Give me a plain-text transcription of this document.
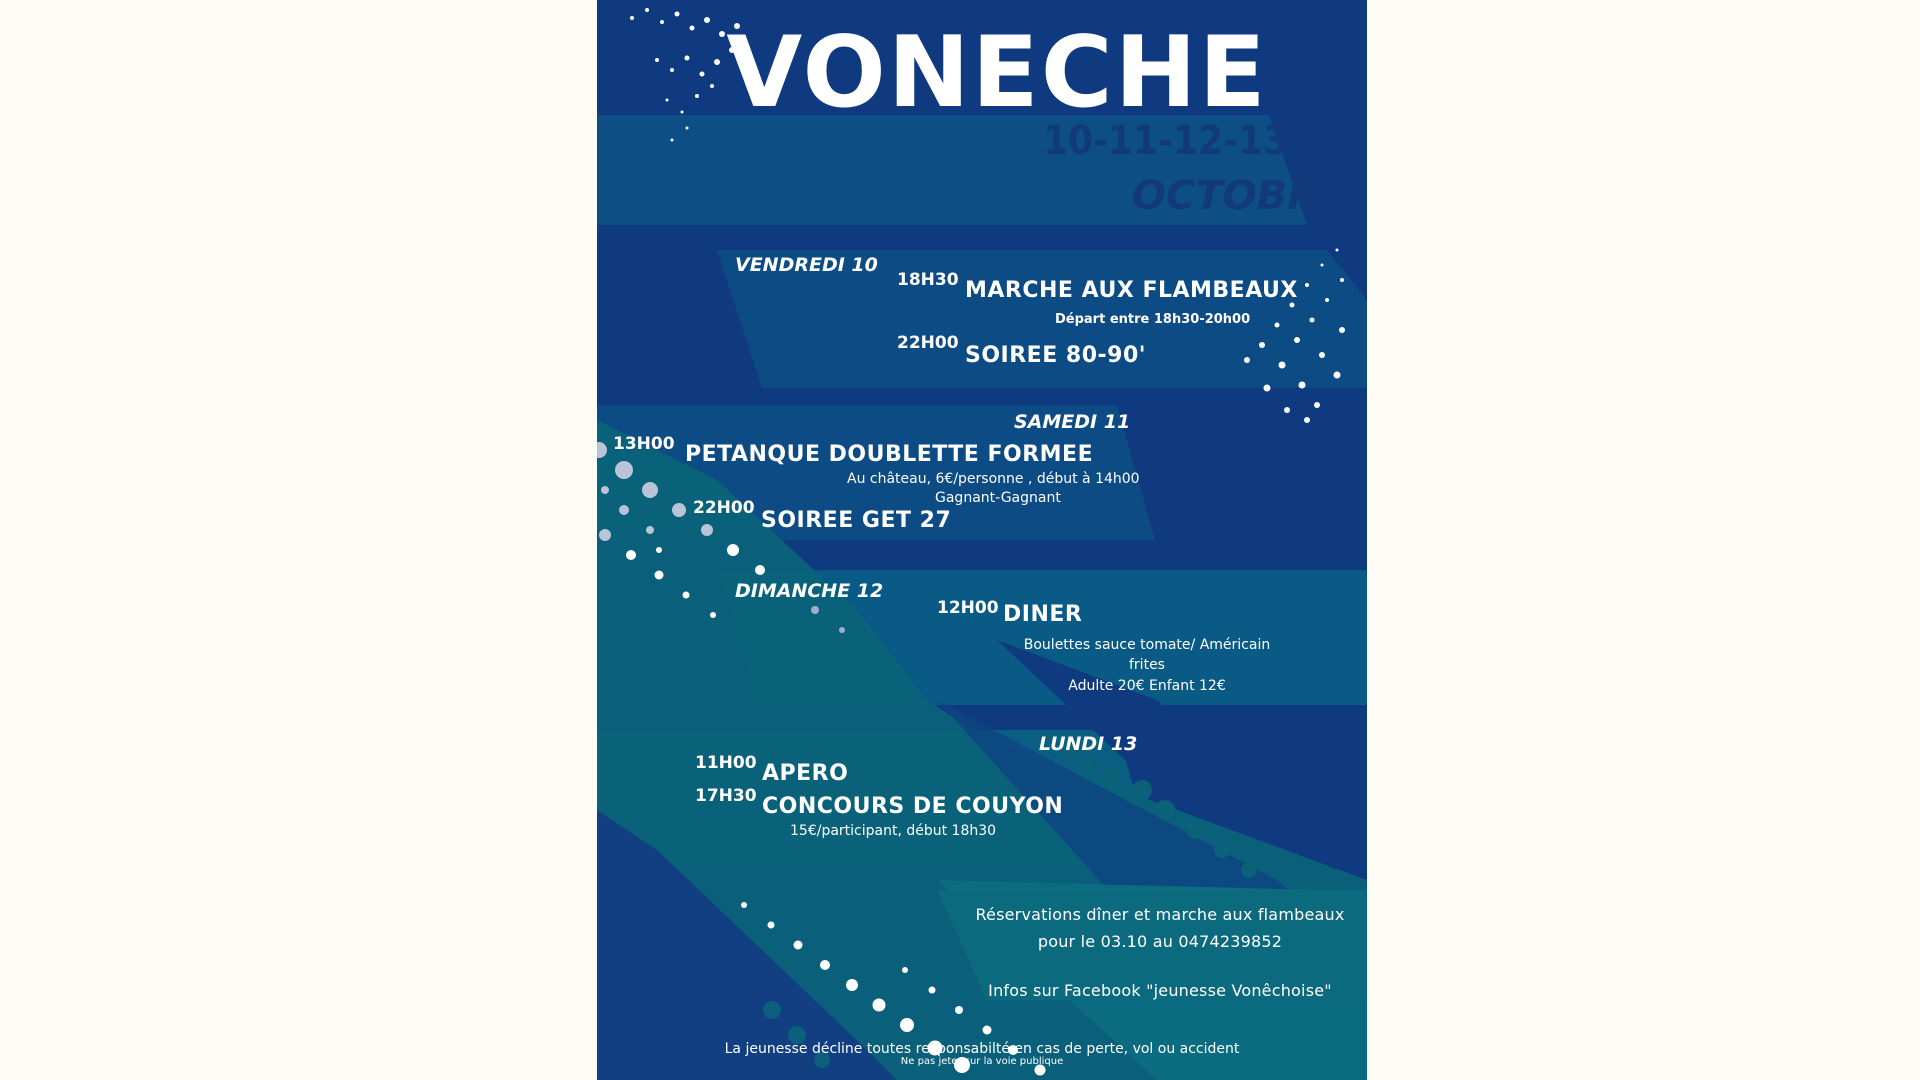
VONECHE
10-11-12-13
OCTOBRE
VENDREDI 10
18H30 MARCHE AUX FLAMBEAUX
Départ entre 18h30-20h00
22H00 SOIREE 80-90'
SAMEDI 11
13H00 PETANQUE DOUBLETTE FORMEE
Au château, 6€/personne , début à 14h00
Gagnant-Gagnant
22H00 SOIREE GET 27
DIMANCHE 12
12H00 DINER
Boulettes sauce tomate/ Américain
frites
Adulte 20€ Enfant 12€
LUNDI 13
11H00 APERO
17H30 CONCOURS DE COUYON
15€/participant, début 18h30
Réservations dîner et marche aux flambeaux
pour le 03.10 au 0474239852
Infos sur Facebook "jeunesse Vonêchoise"
La jeunesse décline toutes responsabilté en cas de perte, vol ou accident
Ne pas jeter sur la voie publique
